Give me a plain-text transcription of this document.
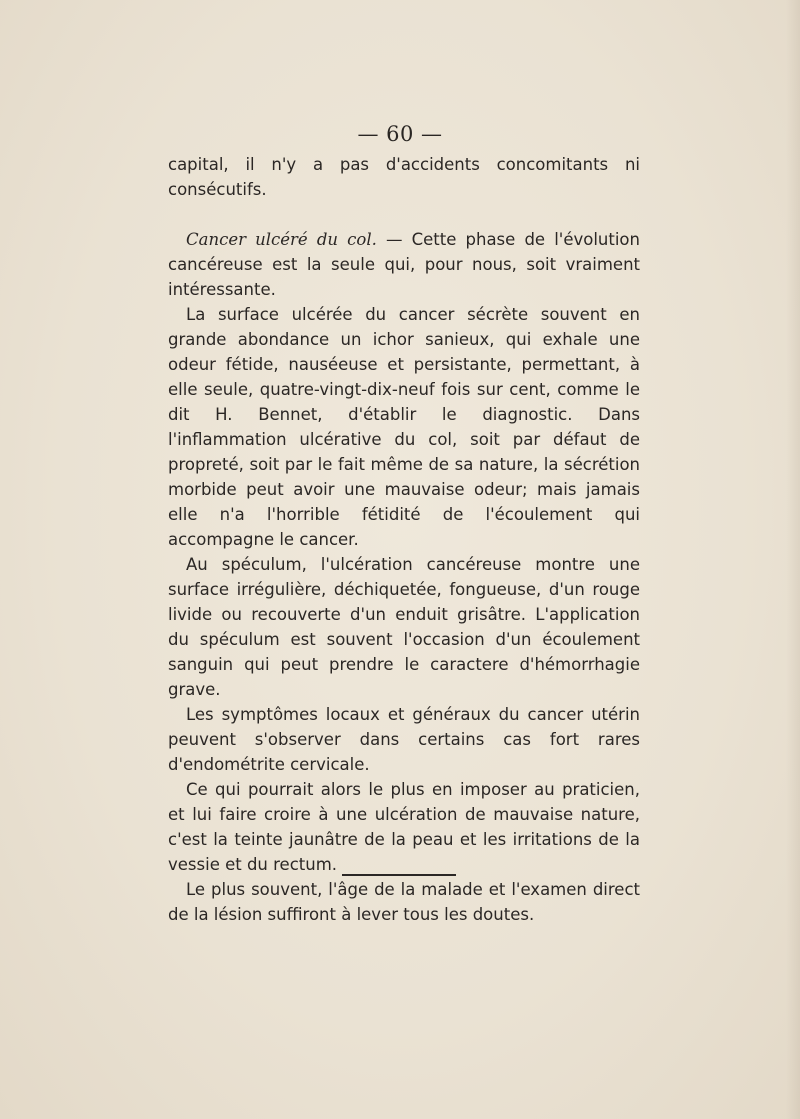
— 60 —

capital, il n'y a pas d'accidents concomitants ni consécutifs.

Cancer ulcéré du col. — Cette phase de l'évolution cancéreuse est la seule qui, pour nous, soit vraiment intéressante.

La surface ulcérée du cancer sécrète souvent en grande abondance un ichor sanieux, qui exhale une odeur fétide, nauséeuse et persistante, permettant, à elle seule, quatre-vingt-dix-neuf fois sur cent, comme le dit H. Bennet, d'établir le diagnostic. Dans l'inflammation ulcérative du col, soit par défaut de propreté, soit par le fait même de sa nature, la sécrétion morbide peut avoir une mauvaise odeur; mais jamais elle n'a l'horrible fétidité de l'écoulement qui accompagne le cancer.

Au spéculum, l'ulcération cancéreuse montre une surface irrégulière, déchiquetée, fongueuse, d'un rouge livide ou recouverte d'un enduit grisâtre. L'application du spéculum est souvent l'occasion d'un écoulement sanguin qui peut prendre le caractere d'hémorrhagie grave.

Les symptômes locaux et généraux du cancer utérin peuvent s'observer dans certains cas fort rares d'endométrite cervicale.

Ce qui pourrait alors le plus en imposer au praticien, et lui faire croire à une ulcération de mauvaise nature, c'est la teinte jaunâtre de la peau et les irritations de la vessie et du rectum.

Le plus souvent, l'âge de la malade et l'examen direct de la lésion suffiront à lever tous les doutes.
